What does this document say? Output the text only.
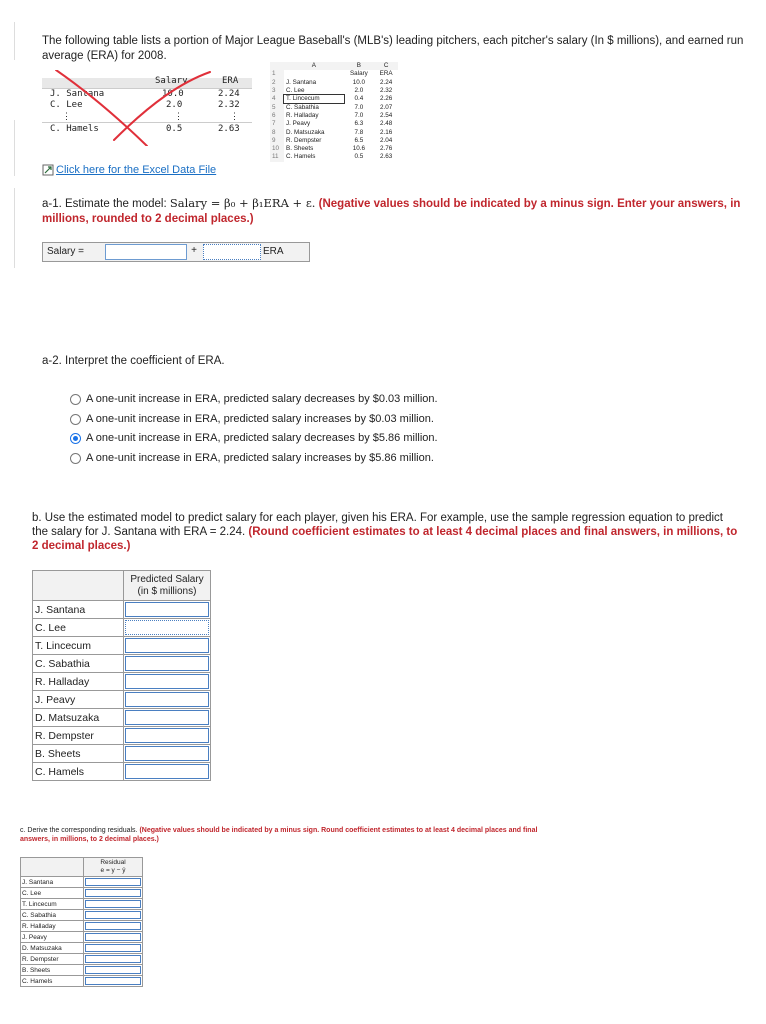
The following table lists a portion of Major League Baseball's (MLB's) leading pitchers, each pitcher's salary (In $ millions), and earned run average (ERA) for 2008.
Salary	ERA
J. Santana	10.0	2.24
C. Lee	2.0	2.32
⋮	⋮	⋮
C. Hamels	0.5	2.63
	A	B	C
1		Salary	ERA
2	J. Santana	10.0	2.24
3	C. Lee	2.0	2.32
4	T. Lincecum	0.4	2.26
5	C. Sabathia	7.0	2.07
6	R. Halladay	7.0	2.54
7	J. Peavy	6.3	2.48
8	D. Matsuzaka	7.8	2.16
9	R. Dempster	6.5	2.04
10	B. Sheets	10.6	2.76
11	C. Hamels	0.5	2.63
Click here for the Excel Data File
a-1. Estimate the model: Salary = β₀ + β₁ERA + ε. (Negative values should be indicated by a minus sign. Enter your answers, in millions, rounded to 2 decimal places.)
Salary =	+	ERA
a-2. Interpret the coefficient of ERA.
A one-unit increase in ERA, predicted salary decreases by $0.03 million.
A one-unit increase in ERA, predicted salary increases by $0.03 million.
A one-unit increase in ERA, predicted salary decreases by $5.86 million.
A one-unit increase in ERA, predicted salary increases by $5.86 million.
b. Use the estimated model to predict salary for each player, given his ERA. For example, use the sample regression equation to predict the salary for J. Santana with ERA = 2.24. (Round coefficient estimates to at least 4 decimal places and final answers, in millions, to 2 decimal places.)

	Predicted Salary
(in $ millions)

J. Santana	

C. Lee	

T. Lincecum	

C. Sabathia	

R. Halladay	

J. Peavy	

D. Matsuzaka	

R. Dempster	

B. Sheets	

C. Hamels	
c. Derive the corresponding residuals. (Negative values should be indicated by a minus sign. Round coefficient estimates to at least 4 decimal places and final answers, in millions, to 2 decimal places.)

	Residual
e = y − ŷ

J. Santana	

C. Lee	

T. Lincecum	

C. Sabathia	

R. Halladay	

J. Peavy	

D. Matsuzaka	

R. Dempster	

B. Sheets	

C. Hamels	
